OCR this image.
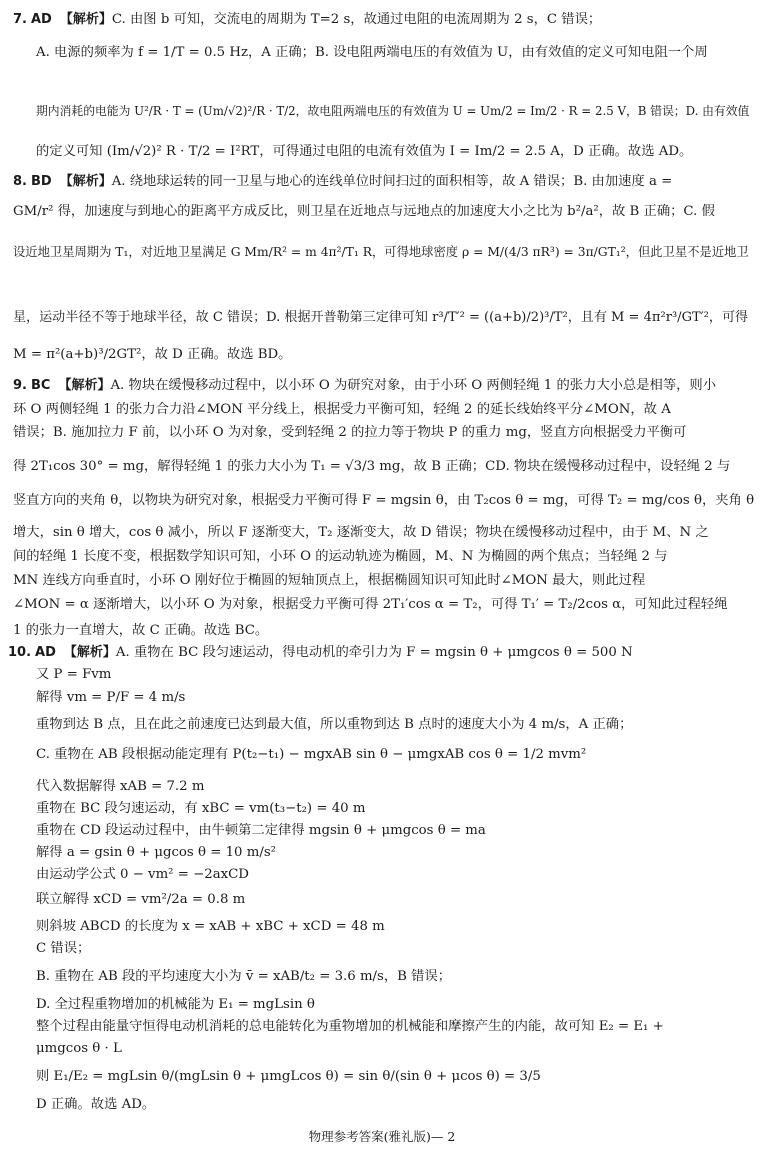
7. AD 【解析】C. 由图 b 可知，交流电的周期为 T=2 s，故通过电阻的电流周期为 2 s，C 错误；
A. 电源的频率为 f = 1/T = 0.5 Hz，A 正确；B. 设电阻两端电压的有效值为 U，由有效值的定义可知电阻一个周
期内消耗的电能为 U²/R · T = (Um/√2)²/R · T/2，故电阻两端电压的有效值为 U = Um/2 = Im/2 · R = 2.5 V，B 错误；D. 由有效值
的定义可知 (Im/√2)² R · T/2 = I²RT，可得通过电阻的电流有效值为 I = Im/2 = 2.5 A，D 正确。故选 AD。
8. BD 【解析】A. 绕地球运转的同一卫星与地心的连线单位时间扫过的面积相等，故 A 错误；B. 由加速度 a =
GM/r² 得，加速度与到地心的距离平方成反比，则卫星在近地点与远地点的加速度大小之比为 b²/a²，故 B 正确；C. 假
设近地卫星周期为 T₁，对近地卫星满足 G Mm/R² = m 4π²/T₁ R，可得地球密度 ρ = M/(4/3 πR³) = 3π/GT₁²，但此卫星不是近地卫
星，运动半径不等于地球半径，故 C 错误；D. 根据开普勒第三定律可知 r³/T′² = ((a+b)/2)³/T²，且有 M = 4π²r³/GT′²，可得
M = π²(a+b)³/2GT²，故 D 正确。故选 BD。
9. BC 【解析】A. 物块在缓慢移动过程中，以小环 O 为研究对象，由于小环 O 两侧轻绳 1 的张力大小总是相等，则小
环 O 两侧轻绳 1 的张力合力沿∠MON 平分线上，根据受力平衡可知，轻绳 2 的延长线始终平分∠MON，故 A
错误；B. 施加拉力 F 前，以小环 O 为对象，受到轻绳 2 的拉力等于物块 P 的重力 mg，竖直方向根据受力平衡可
得 2T₁cos 30° = mg，解得轻绳 1 的张力大小为 T₁ = √3/3 mg，故 B 正确；CD. 物块在缓慢移动过程中，设轻绳 2 与
竖直方向的夹角 θ，以物块为研究对象，根据受力平衡可得 F = mgsin θ，由 T₂cos θ = mg，可得 T₂ = mg/cos θ，夹角 θ
增大，sin θ 增大，cos θ 减小，所以 F 逐渐变大，T₂ 逐渐变大，故 D 错误；物块在缓慢移动过程中，由于 M、N 之
间的轻绳 1 长度不变，根据数学知识可知，小环 O 的运动轨迹为椭圆，M、N 为椭圆的两个焦点；当轻绳 2 与
MN 连线方向垂直时，小环 O 刚好位于椭圆的短轴顶点上，根据椭圆知识可知此时∠MON 最大，则此过程
∠MON = α 逐渐增大，以小环 O 为对象，根据受力平衡可得 2T₁′cos α = T₂，可得 T₁′ = T₂/2cos α，可知此过程轻绳
1 的张力一直增大，故 C 正确。故选 BC。
10. AD 【解析】A. 重物在 BC 段匀速运动，得电动机的牵引力为 F = mgsin θ + μmgcos θ = 500 N
又 P = Fvm
解得 vm = P/F = 4 m/s
重物到达 B 点，且在此之前速度已达到最大值，所以重物到达 B 点时的速度大小为 4 m/s，A 正确；
C. 重物在 AB 段根据动能定理有 P(t₂−t₁) − mgxAB sin θ − μmgxAB cos θ = 1/2 mvm²
代入数据解得 xAB = 7.2 m
重物在 BC 段匀速运动，有 xBC = vm(t₃−t₂) = 40 m
重物在 CD 段运动过程中，由牛顿第二定律得 mgsin θ + μmgcos θ = ma
解得 a = gsin θ + μgcos θ = 10 m/s²
由运动学公式 0 − vm² = −2axCD
联立解得 xCD = vm²/2a = 0.8 m
则斜坡 ABCD 的长度为 x = xAB + xBC + xCD = 48 m
C 错误；
B. 重物在 AB 段的平均速度大小为 v̄ = xAB/t₂ = 3.6 m/s，B 错误；
D. 全过程重物增加的机械能为 E₁ = mgLsin θ
整个过程由能量守恒得电动机消耗的总电能转化为重物增加的机械能和摩擦产生的内能，故可知 E₂ = E₁ +
μmgcos θ · L
则 E₁/E₂ = mgLsin θ/(mgLsin θ + μmgLcos θ) = sin θ/(sin θ + μcos θ) = 3/5
D 正确。故选 AD。
物理参考答案(雅礼版)— 2
